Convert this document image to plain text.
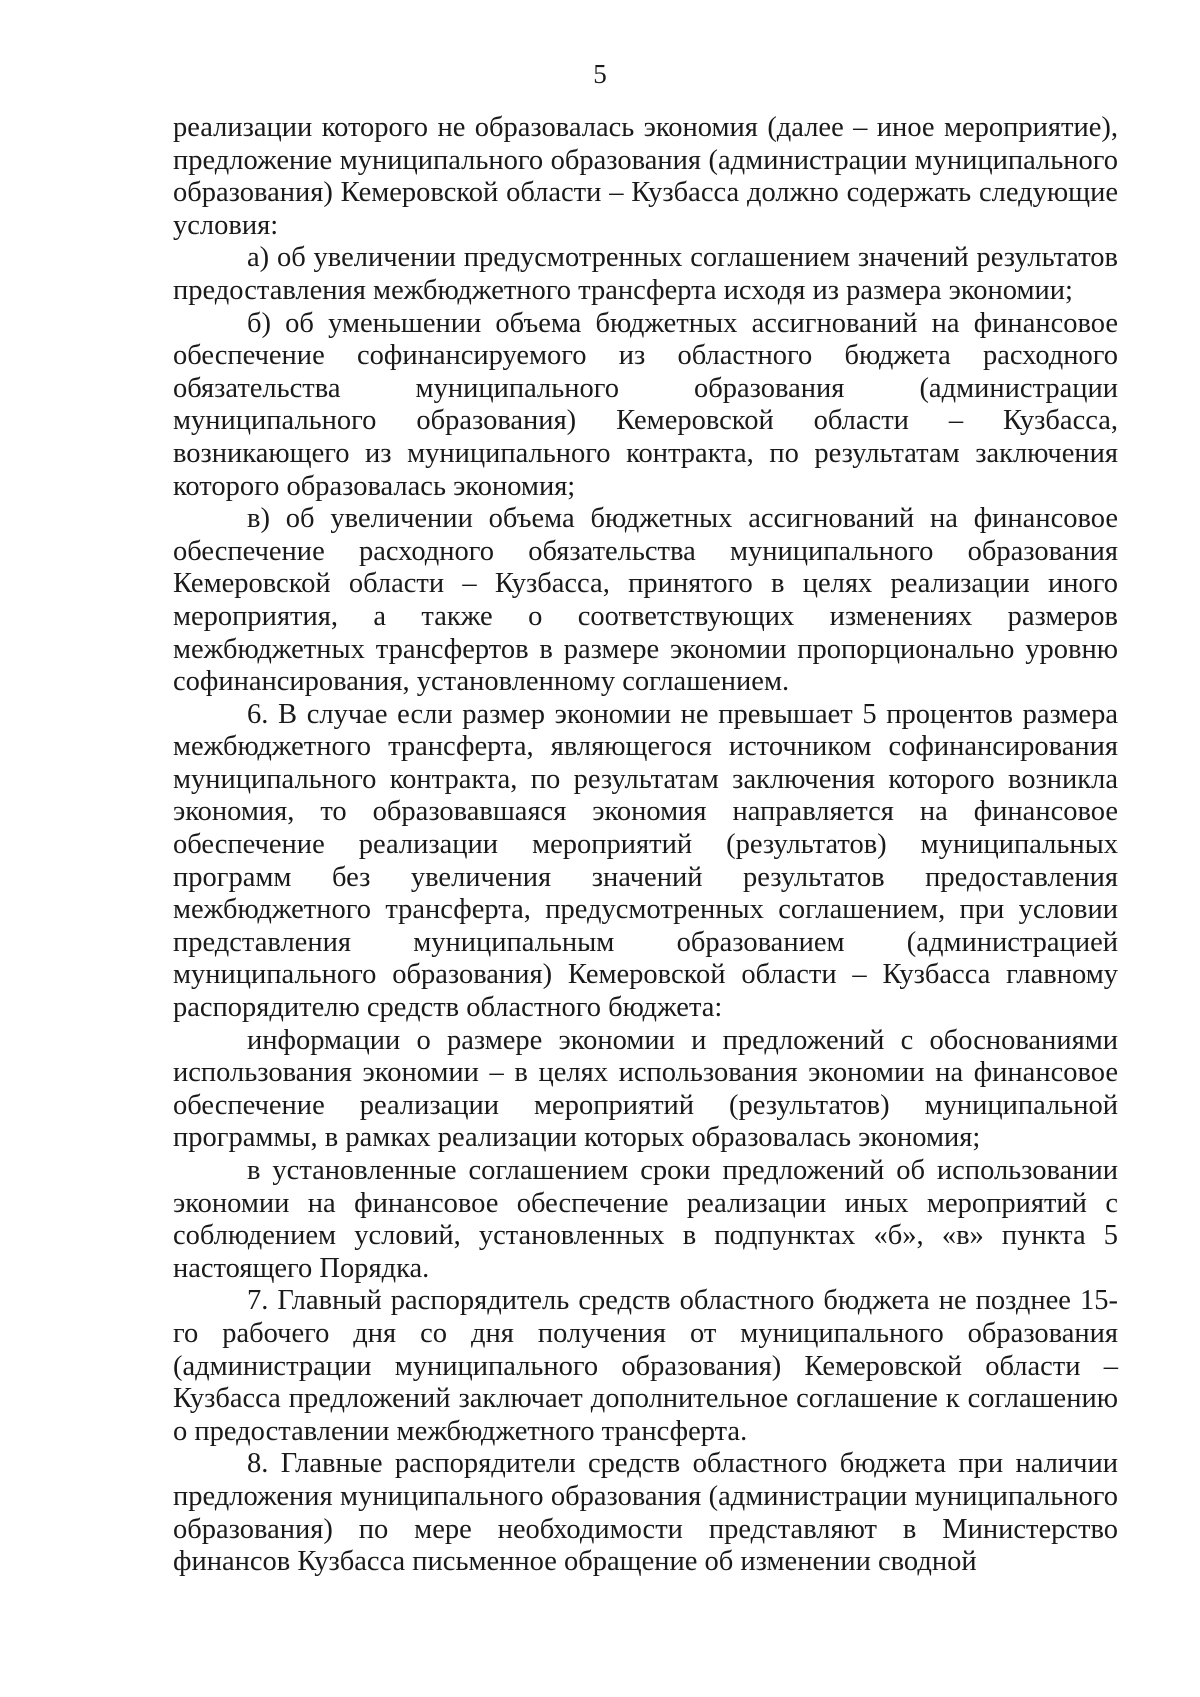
5

реализации которого не образовалась экономия (далее – иное мероприятие), предложение муниципального образования (администрации муниципального образования) Кемеровской области – Кузбасса должно содержать следующие условия:

а) об увеличении предусмотренных соглашением значений результатов предоставления межбюджетного трансферта исходя из размера экономии;

б) об уменьшении объема бюджетных ассигнований на финансовое обеспечение софинансируемого из областного бюджета расходного обязательства муниципального образования (администрации муниципального образования) Кемеровской области – Кузбасса, возникающего из муниципального контракта, по результатам заключения которого образовалась экономия;

в) об увеличении объема бюджетных ассигнований на финансовое обеспечение расходного обязательства муниципального образования Кемеровской области – Кузбасса, принятого в целях реализации иного мероприятия, а также о соответствующих изменениях размеров межбюджетных трансфертов в размере экономии пропорционально уровню софинансирования, установленному соглашением.

6. В случае если размер экономии не превышает 5 процентов размера межбюджетного трансферта, являющегося источником софинансирования муниципального контракта, по результатам заключения которого возникла экономия, то образовавшаяся экономия направляется на финансовое обеспечение реализации мероприятий (результатов) муниципальных программ без увеличения значений результатов предоставления межбюджетного трансферта, предусмотренных соглашением, при условии представления муниципальным образованием (администрацией муниципального образования) Кемеровской области – Кузбасса главному распорядителю средств областного бюджета:

информации о размере экономии и предложений с обоснованиями использования экономии – в целях использования экономии на финансовое обеспечение реализации мероприятий (результатов) муниципальной программы, в рамках реализации которых образовалась экономия;

в установленные соглашением сроки предложений об использовании экономии на финансовое обеспечение реализации иных мероприятий с соблюдением условий, установленных в подпунктах «б», «в» пункта 5 настоящего Порядка.

7. Главный распорядитель средств областного бюджета не позднее 15-го рабочего дня со дня получения от муниципального образования (администрации муниципального образования) Кемеровской области – Кузбасса предложений заключает дополнительное соглашение к соглашению о предоставлении межбюджетного трансферта.

8. Главные распорядители средств областного бюджета при наличии предложения муниципального образования (администрации муниципального образования) по мере необходимости представляют в Министерство финансов Кузбасса письменное обращение об изменении сводной
